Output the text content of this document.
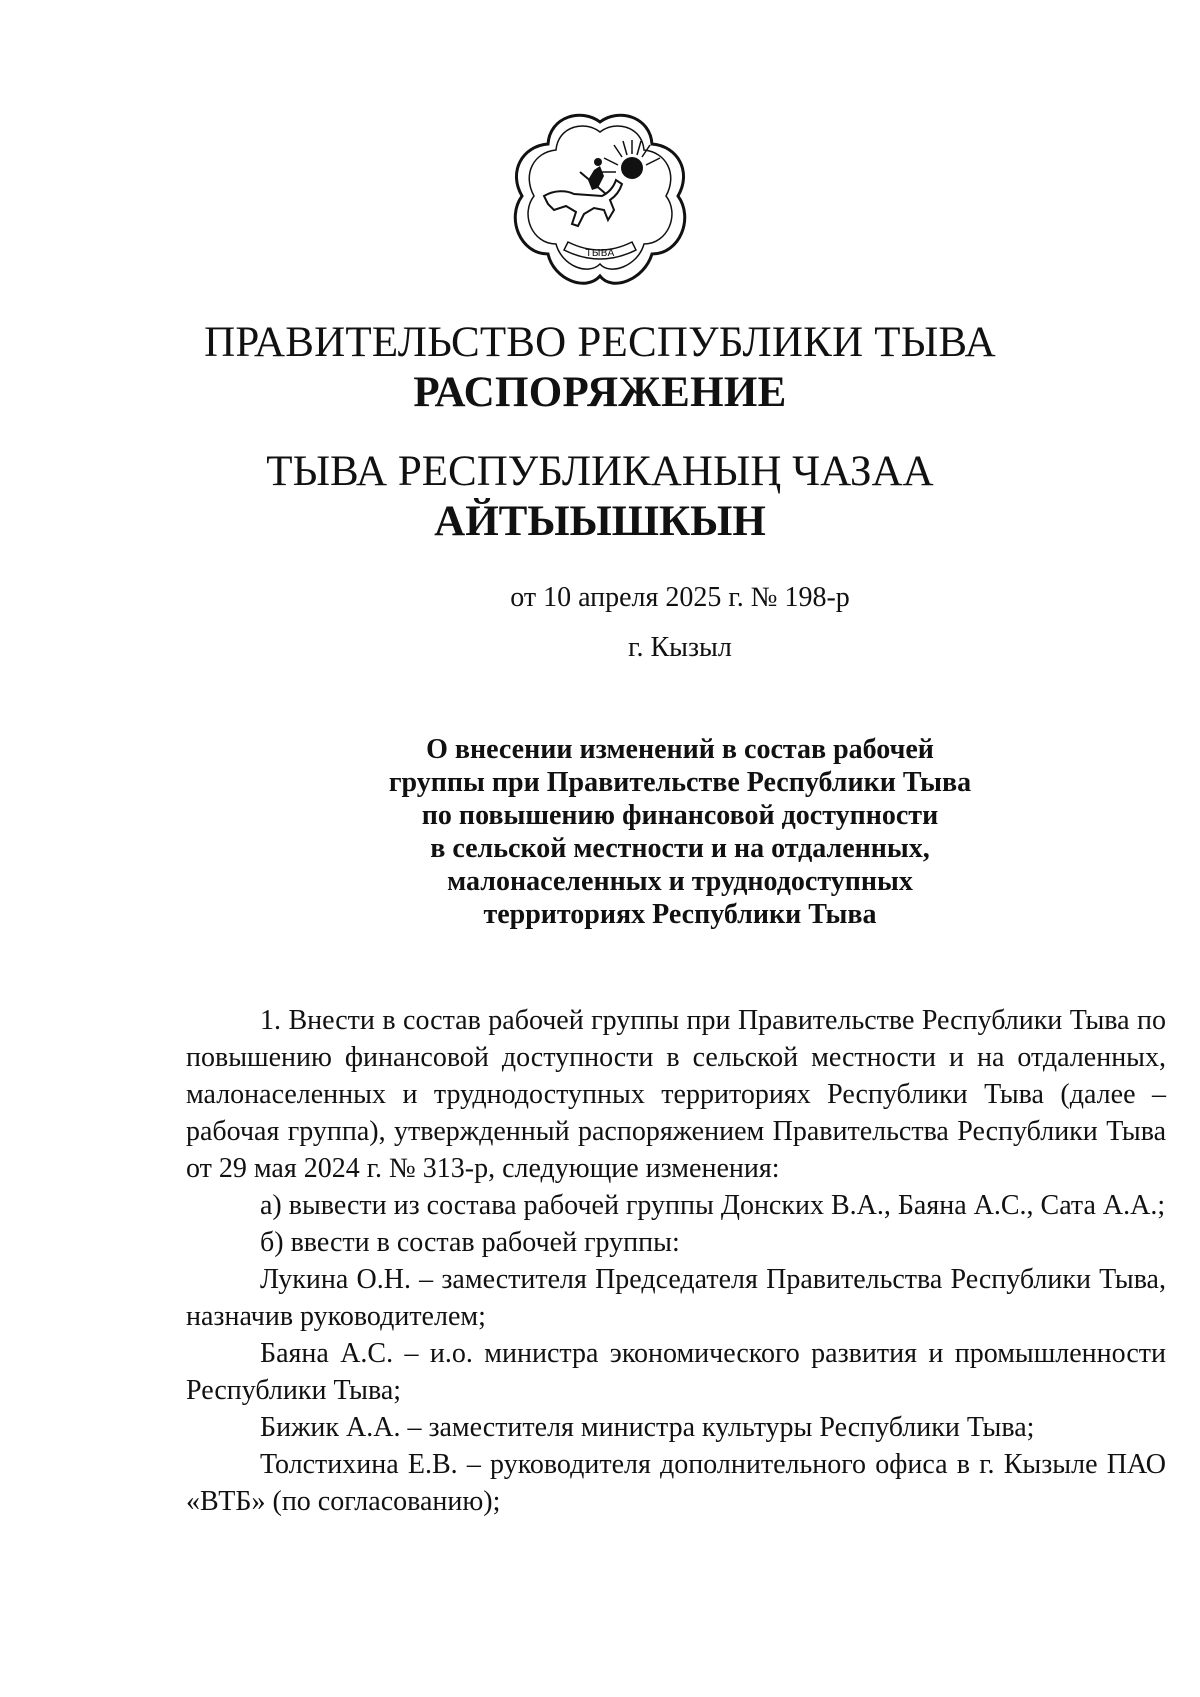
ТЫВА
ПРАВИТЕЛЬСТВО РЕСПУБЛИКИ ТЫВА
РАСПОРЯЖЕНИЕ
ТЫВА РЕСПУБЛИКАНЫҢ ЧАЗАА
АЙТЫЫШКЫН
от 10 апреля 2025 г. № 198-р
г. Кызыл
О внесении изменений в состав рабочей
группы при Правительстве Республики Тыва
по повышению финансовой доступности
в сельской местности и на отдаленных,
малонаселенных и труднодоступных
территориях Республики Тыва

1. Внести в состав рабочей группы при Правительстве Республики Тыва по повышению финансовой доступности в сельской местности и на отдаленных, малонаселенных и труднодоступных территориях Республики Тыва (далее – рабочая группа), утвержденный распоряжением Правительства Республики Тыва от 29 мая 2024 г. № 313-р, следующие изменения:

а) вывести из состава рабочей группы Донских В.А., Баяна А.С., Сата А.А.;

б) ввести в состав рабочей группы:

Лукина О.Н. – заместителя Председателя Правительства Республики Тыва, назначив руководителем;

Баяна А.С. – и.о. министра экономического развития и промышленности Республики Тыва;

Бижик А.А. – заместителя министра культуры Республики Тыва;

Толстихина Е.В. – руководителя дополнительного офиса в г. Кызыле ПАО «ВТБ» (по согласованию);
